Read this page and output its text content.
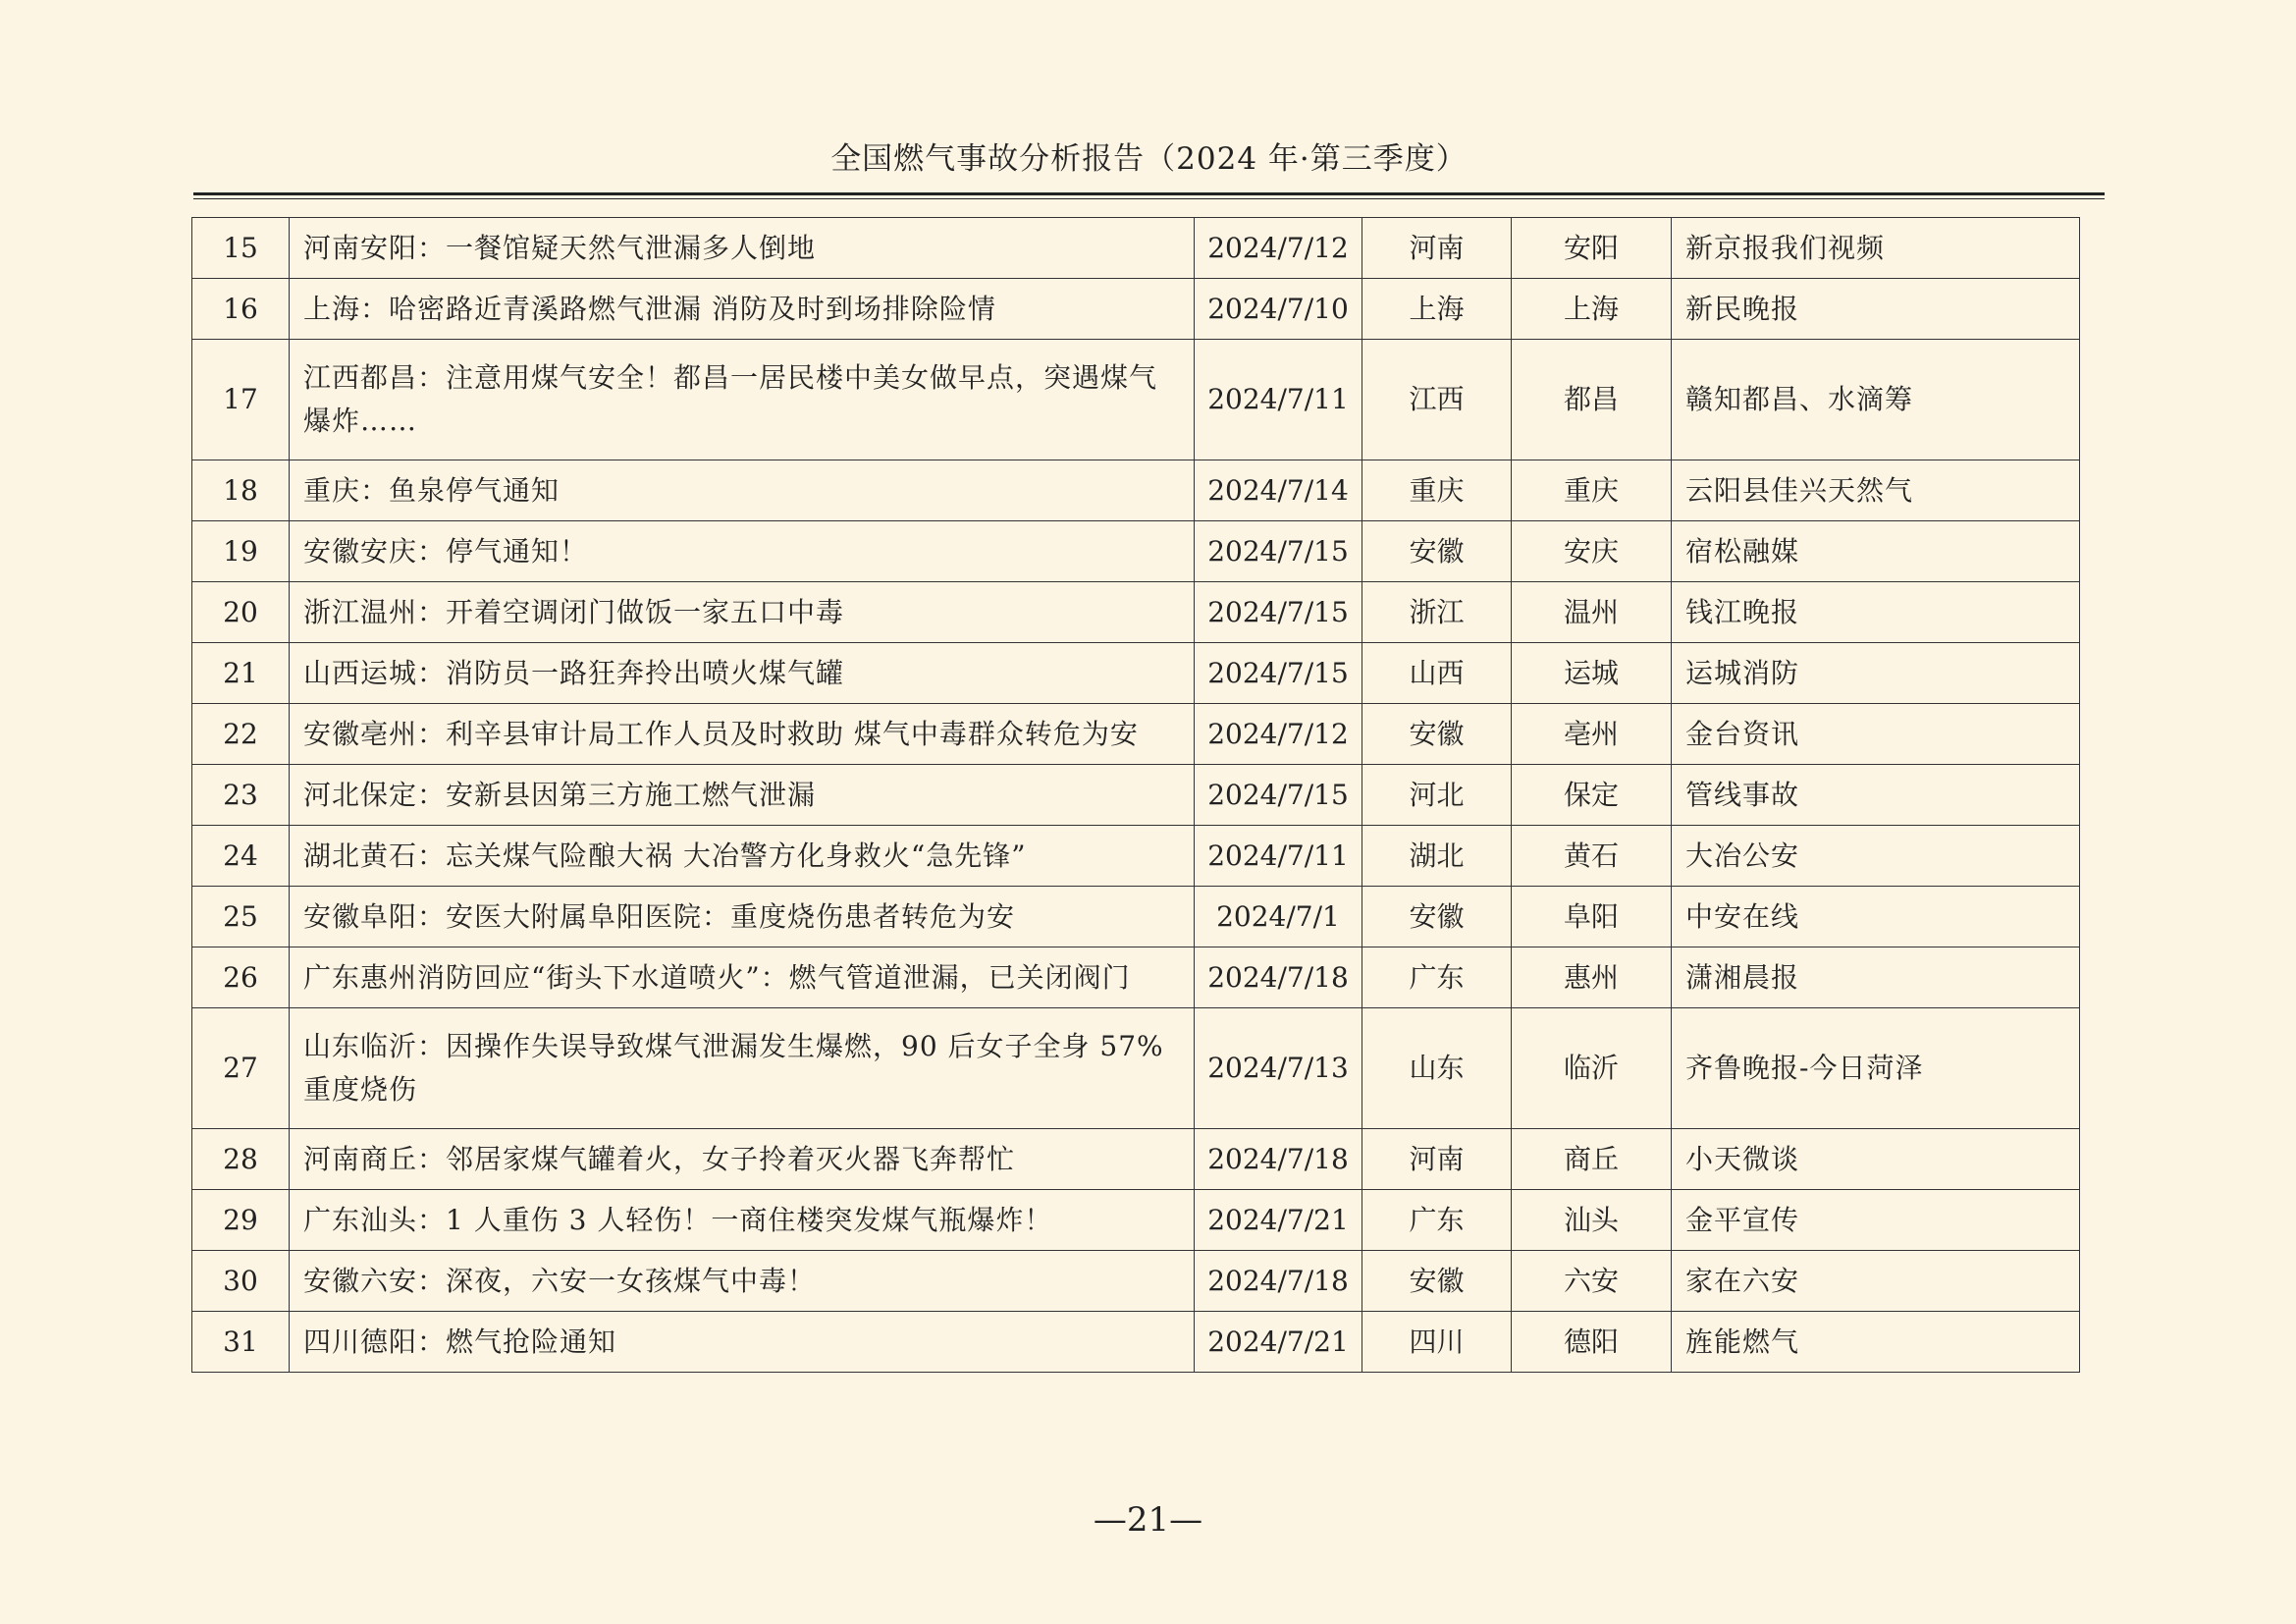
全国燃气事故分析报告（2024 年·第三季度）
15	河南安阳：一餐馆疑天然气泄漏多人倒地	2024/7/12	河南	安阳	新京报我们视频
16	上海：哈密路近青溪路燃气泄漏 消防及时到场排除险情	2024/7/10	上海	上海	新民晚报
17	江西都昌：注意用煤气安全！都昌一居民楼中美女做早点，突遇煤气爆炸……	2024/7/11	江西	都昌	赣知都昌、水滴筹
18	重庆：鱼泉停气通知	2024/7/14	重庆	重庆	云阳县佳兴天然气
19	安徽安庆：停气通知！	2024/7/15	安徽	安庆	宿松融媒
20	浙江温州：开着空调闭门做饭一家五口中毒	2024/7/15	浙江	温州	钱江晚报
21	山西运城：消防员一路狂奔拎出喷火煤气罐	2024/7/15	山西	运城	运城消防
22	安徽亳州：利辛县审计局工作人员及时救助 煤气中毒群众转危为安	2024/7/12	安徽	亳州	金台资讯
23	河北保定：安新县因第三方施工燃气泄漏	2024/7/15	河北	保定	管线事故
24	湖北黄石：忘关煤气险酿大祸 大冶警方化身救火“急先锋”	2024/7/11	湖北	黄石	大冶公安
25	安徽阜阳：安医大附属阜阳医院：重度烧伤患者转危为安	2024/7/1	安徽	阜阳	中安在线
26	广东惠州消防回应“街头下水道喷火”：燃气管道泄漏，已关闭阀门	2024/7/18	广东	惠州	潇湘晨报
27	山东临沂：因操作失误导致煤气泄漏发生爆燃，90 后女子全身 57%重度烧伤	2024/7/13	山东	临沂	齐鲁晚报-今日菏泽
28	河南商丘：邻居家煤气罐着火，女子拎着灭火器飞奔帮忙	2024/7/18	河南	商丘	小天微谈
29	广东汕头：1 人重伤 3 人轻伤！一商住楼突发煤气瓶爆炸！	2024/7/21	广东	汕头	金平宣传
30	安徽六安：深夜，六安一女孩煤气中毒！	2024/7/18	安徽	六安	家在六安
31	四川德阳：燃气抢险通知	2024/7/21	四川	德阳	旌能燃气
—21—
